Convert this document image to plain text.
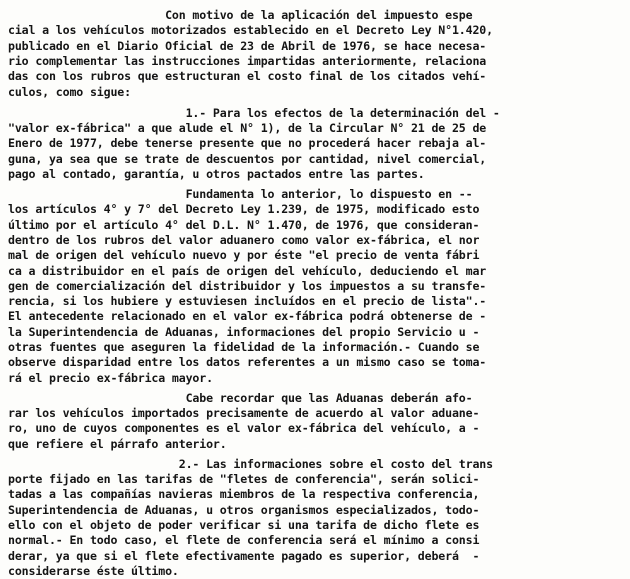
Con motivo de la aplicación del impuesto espe
cial a los vehículos motorizados establecido en el Decreto Ley N°1.420,
publicado en el Diario Oficial de 23 de Abril de 1976, se hace necesa-
rio complementar las instrucciones impartidas anteriormente, relaciona
das con los rubros que estructuran el costo final de los citados vehí-
culos, como sigue:
1.- Para los efectos de la determinación del -
"valor ex-fábrica" a que alude el N° 1), de la Circular N° 21 de 25 de
Enero de 1977, debe tenerse presente que no procederá hacer rebaja al-
guna, ya sea que se trate de descuentos por cantidad, nivel comercial,
pago al contado, garantía, u otros pactados entre las partes.
Fundamenta lo anterior, lo dispuesto en --
los artículos 4° y 7° del Decreto Ley 1.239, de 1975, modificado esto
último por el artículo 4° del D.L. N° 1.470, de 1976, que consideran-
dentro de los rubros del valor aduanero como valor ex-fábrica, el nor
mal de origen del vehículo nuevo y por éste "el precio de venta fábri
ca a distribuidor en el país de origen del vehículo, deduciendo el mar
gen de comercialización del distribuidor y los impuestos a su transfe-
rencia, si los hubiere y estuviesen incluídos en el precio de lista".-
El antecedente relacionado en el valor ex-fábrica podrá obtenerse de -
la Superintendencia de Aduanas, informaciones del propio Servicio u -
otras fuentes que aseguren la fidelidad de la información.- Cuando se
observe disparidad entre los datos referentes a un mismo caso se toma-
rá el precio ex-fábrica mayor.
Cabe recordar que las Aduanas deberán afo-
rar los vehículos importados precisamente de acuerdo al valor aduane-
ro, uno de cuyos componentes es el valor ex-fábrica del vehículo, a -
que refiere el párrafo anterior.
2.- Las informaciones sobre el costo del trans
porte fijado en las tarifas de "fletes de conferencia", serán solici-
tadas a las compañías navieras miembros de la respectiva conferencia,
Superintendencia de Aduanas, u otros organismos especializados, todo-
ello con el objeto de poder verificar si una tarifa de dicho flete es
normal.- En todo caso, el flete de conferencia será el mínimo a consi
derar, ya que si el flete efectivamente pagado es superior, deberá  -
considerarse éste último.
